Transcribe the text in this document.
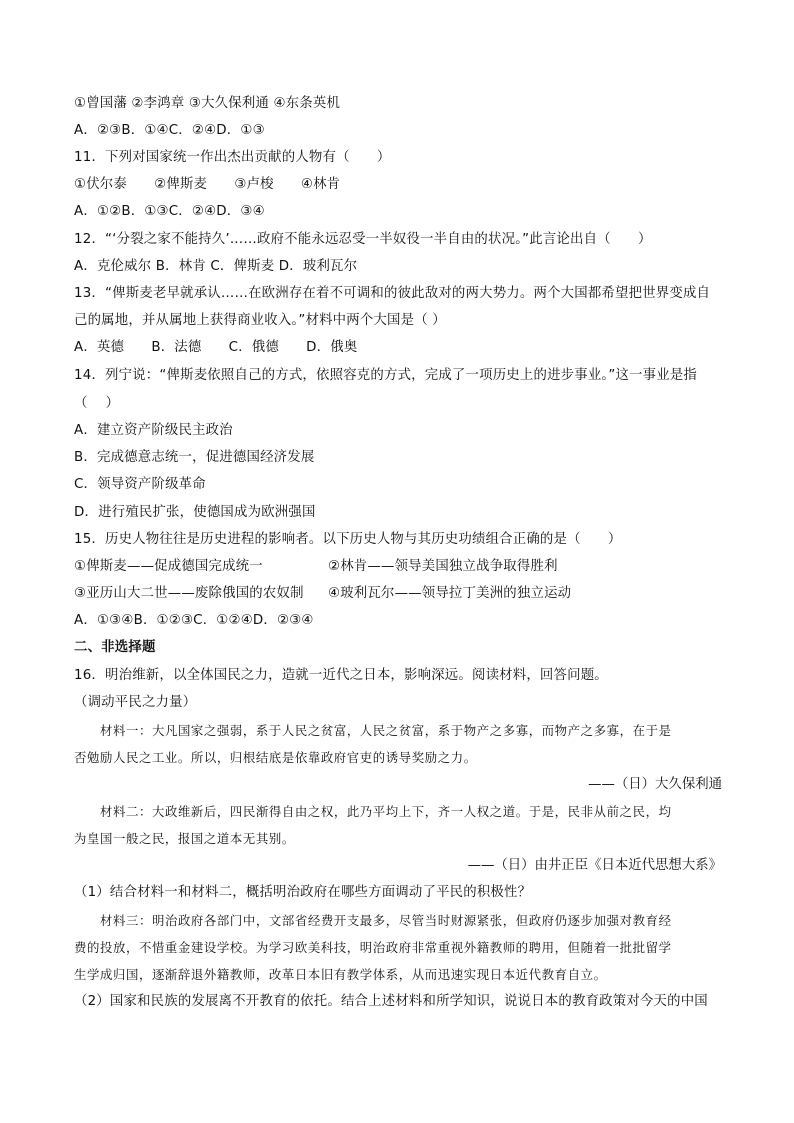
①曾国藩 ②李鸿章 ③大久保利通 ④东条英机
A．②③B．①④C．②④D．①③
11．下列对国家统一作出杰出贡献的人物有（　　）
①伏尔泰　　②俾斯麦　　③卢梭　　④林肯
A．①②B．①③C．②④D．③④
12．“‘分裂之家不能持久’……政府不能永远忍受一半奴役一半自由的状况。”此言论出自（　　）
A．克伦威尔 B．林肯 C．俾斯麦 D．玻利瓦尔
13．“俾斯麦老早就承认……在欧洲存在着不可调和的彼此敌对的两大势力。两个大国都希望把世界变成自
己的属地，并从属地上获得商业收入。”材料中两个大国是（ ）
A．英德　　B．法德　　C．俄德　　D．俄奥
14．列宁说：“俾斯麦依照自己的方式，依照容克的方式，完成了一项历史上的进步事业。”这一事业是指
（　 ）
A．建立资产阶级民主政治
B．完成德意志统一，促进德国经济发展
C．领导资产阶级革命
D．进行殖民扩张，使德国成为欧洲强国
15．历史人物往往是历史进程的影响者。以下历史人物与其历史功绩组合正确的是（　　）
①俾斯麦——促成德国完成统一	②林肯——领导美国独立战争取得胜利
③亚历山大二世——废除俄国的农奴制 ④玻利瓦尔——领导拉丁美洲的独立运动
A．①③④B．①②③C．①②④D．②③④
二、非选择题
16．明治维新，以全体国民之力，造就一近代之日本，影响深远。阅读材料，回答问题。
（调动平民之力量）
材料一：大凡国家之强弱，系于人民之贫富，人民之贫富，系于物产之多寡，而物产之多寡，在于是
否勉励人民之工业。所以，归根结底是依靠政府官吏的诱导奖励之力。
——（日）大久保利通
材料二：大政维新后，四民渐得自由之权，此乃平均上下，齐一人权之道。于是，民非从前之民，均
为皇国一般之民，报国之道本无其别。
——（日）由井正臣《日本近代思想大系》
（1）结合材料一和材料二，概括明治政府在哪些方面调动了平民的积极性？
材料三：明治政府各部门中，文部省经费开支最多，尽管当时财源紧张，但政府仍逐步加强对教育经
费的投放，不惜重金建设学校。为学习欧美科技，明治政府非常重视外籍教师的聘用，但随着一批批留学
生学成归国，逐渐辞退外籍教师，改革日本旧有教学体系，从而迅速实现日本近代教育自立。
（2）国家和民族的发展离不开教育的依托。结合上述材料和所学知识，说说日本的教育政策对今天的中国
